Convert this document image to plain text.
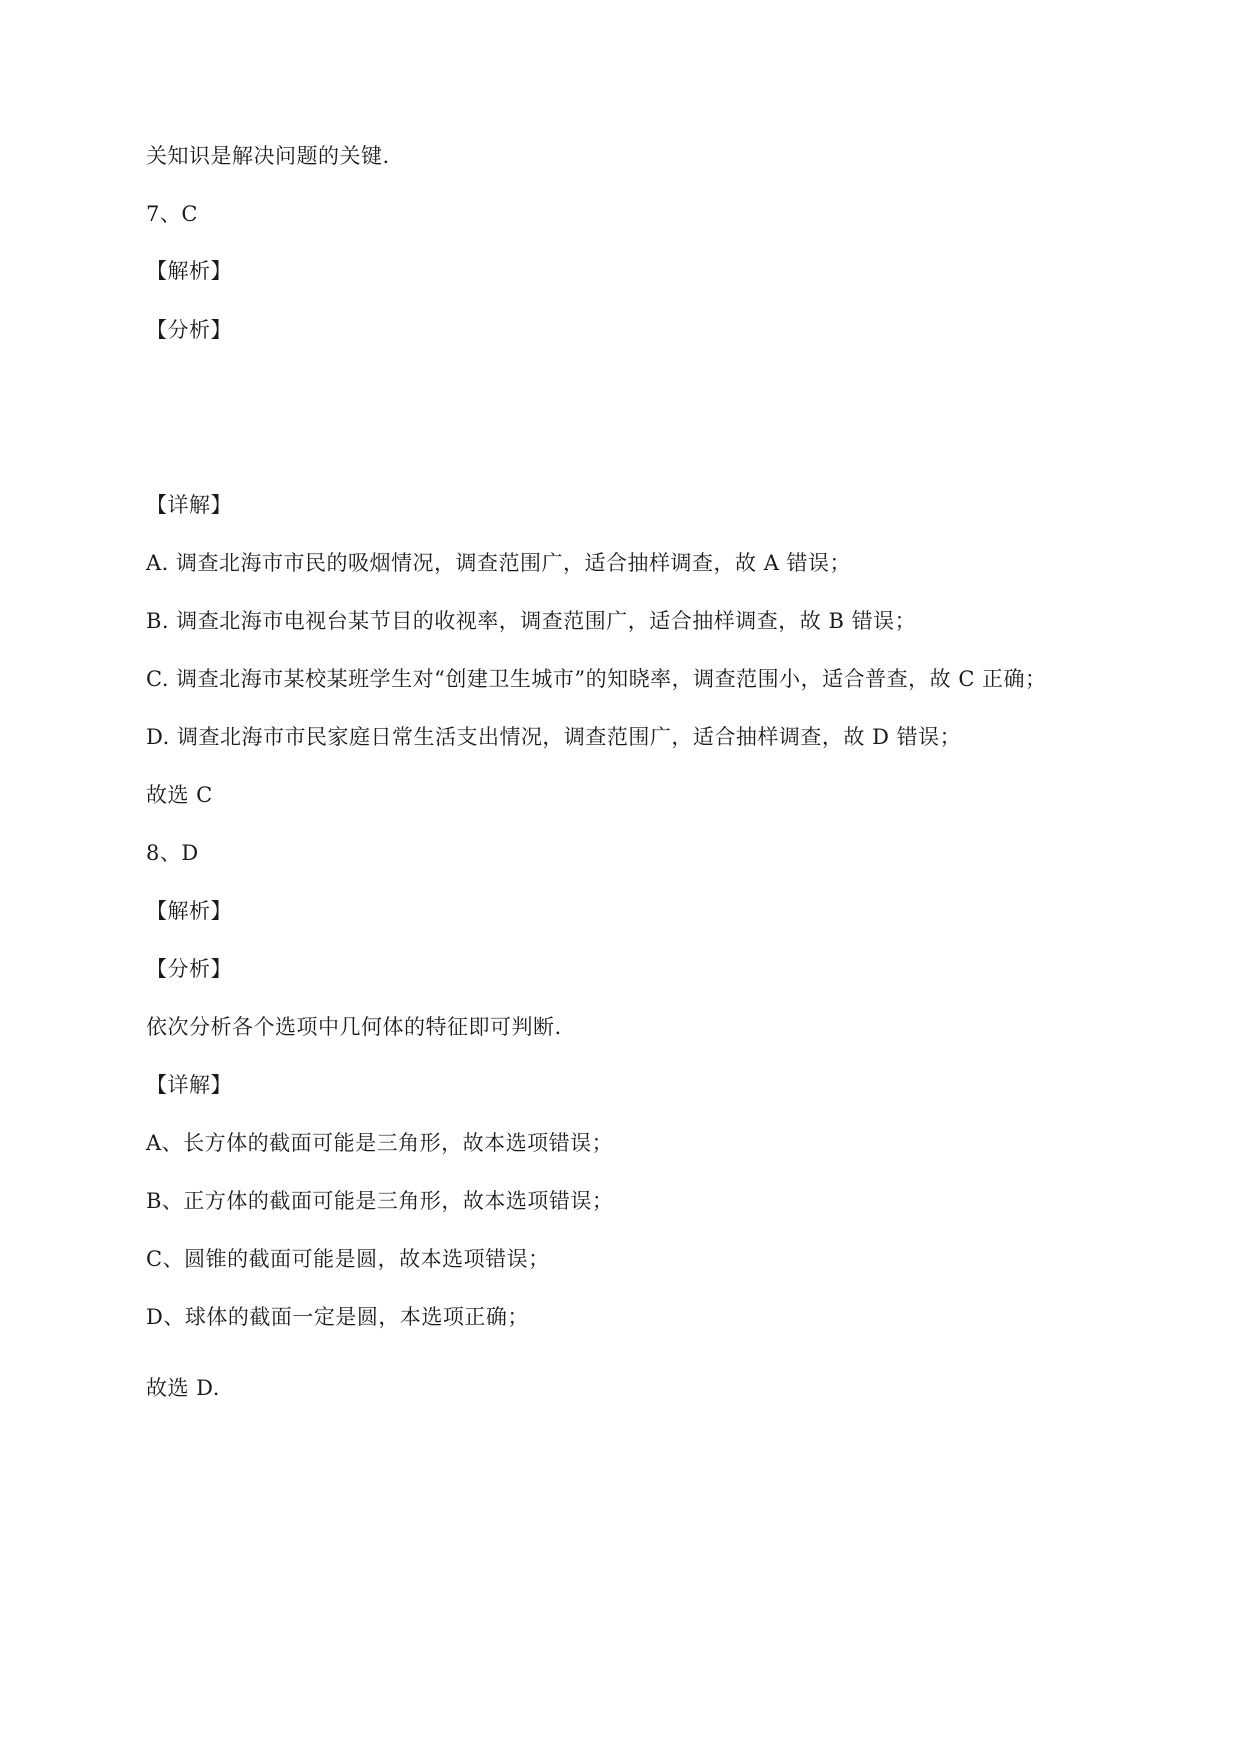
关知识是解决问题的关键.
7、C
【解析】
【分析】
【详解】
A. 调查北海市市民的吸烟情况，调查范围广，适合抽样调查，故 A 错误；
B. 调查北海市电视台某节目的收视率，调查范围广，适合抽样调查，故 B 错误；
C. 调查北海市某校某班学生对“创建卫生城市”的知晓率，调查范围小，适合普查，故 C 正确；
D. 调查北海市市民家庭日常生活支出情况，调查范围广，适合抽样调查，故 D 错误；
故选 C
8、D
【解析】
【分析】
依次分析各个选项中几何体的特征即可判断.
【详解】
A、长方体的截面可能是三角形，故本选项错误；
B、正方体的截面可能是三角形，故本选项错误；
C、圆锥的截面可能是圆，故本选项错误；
D、球体的截面一定是圆，本选项正确；
故选 D.
